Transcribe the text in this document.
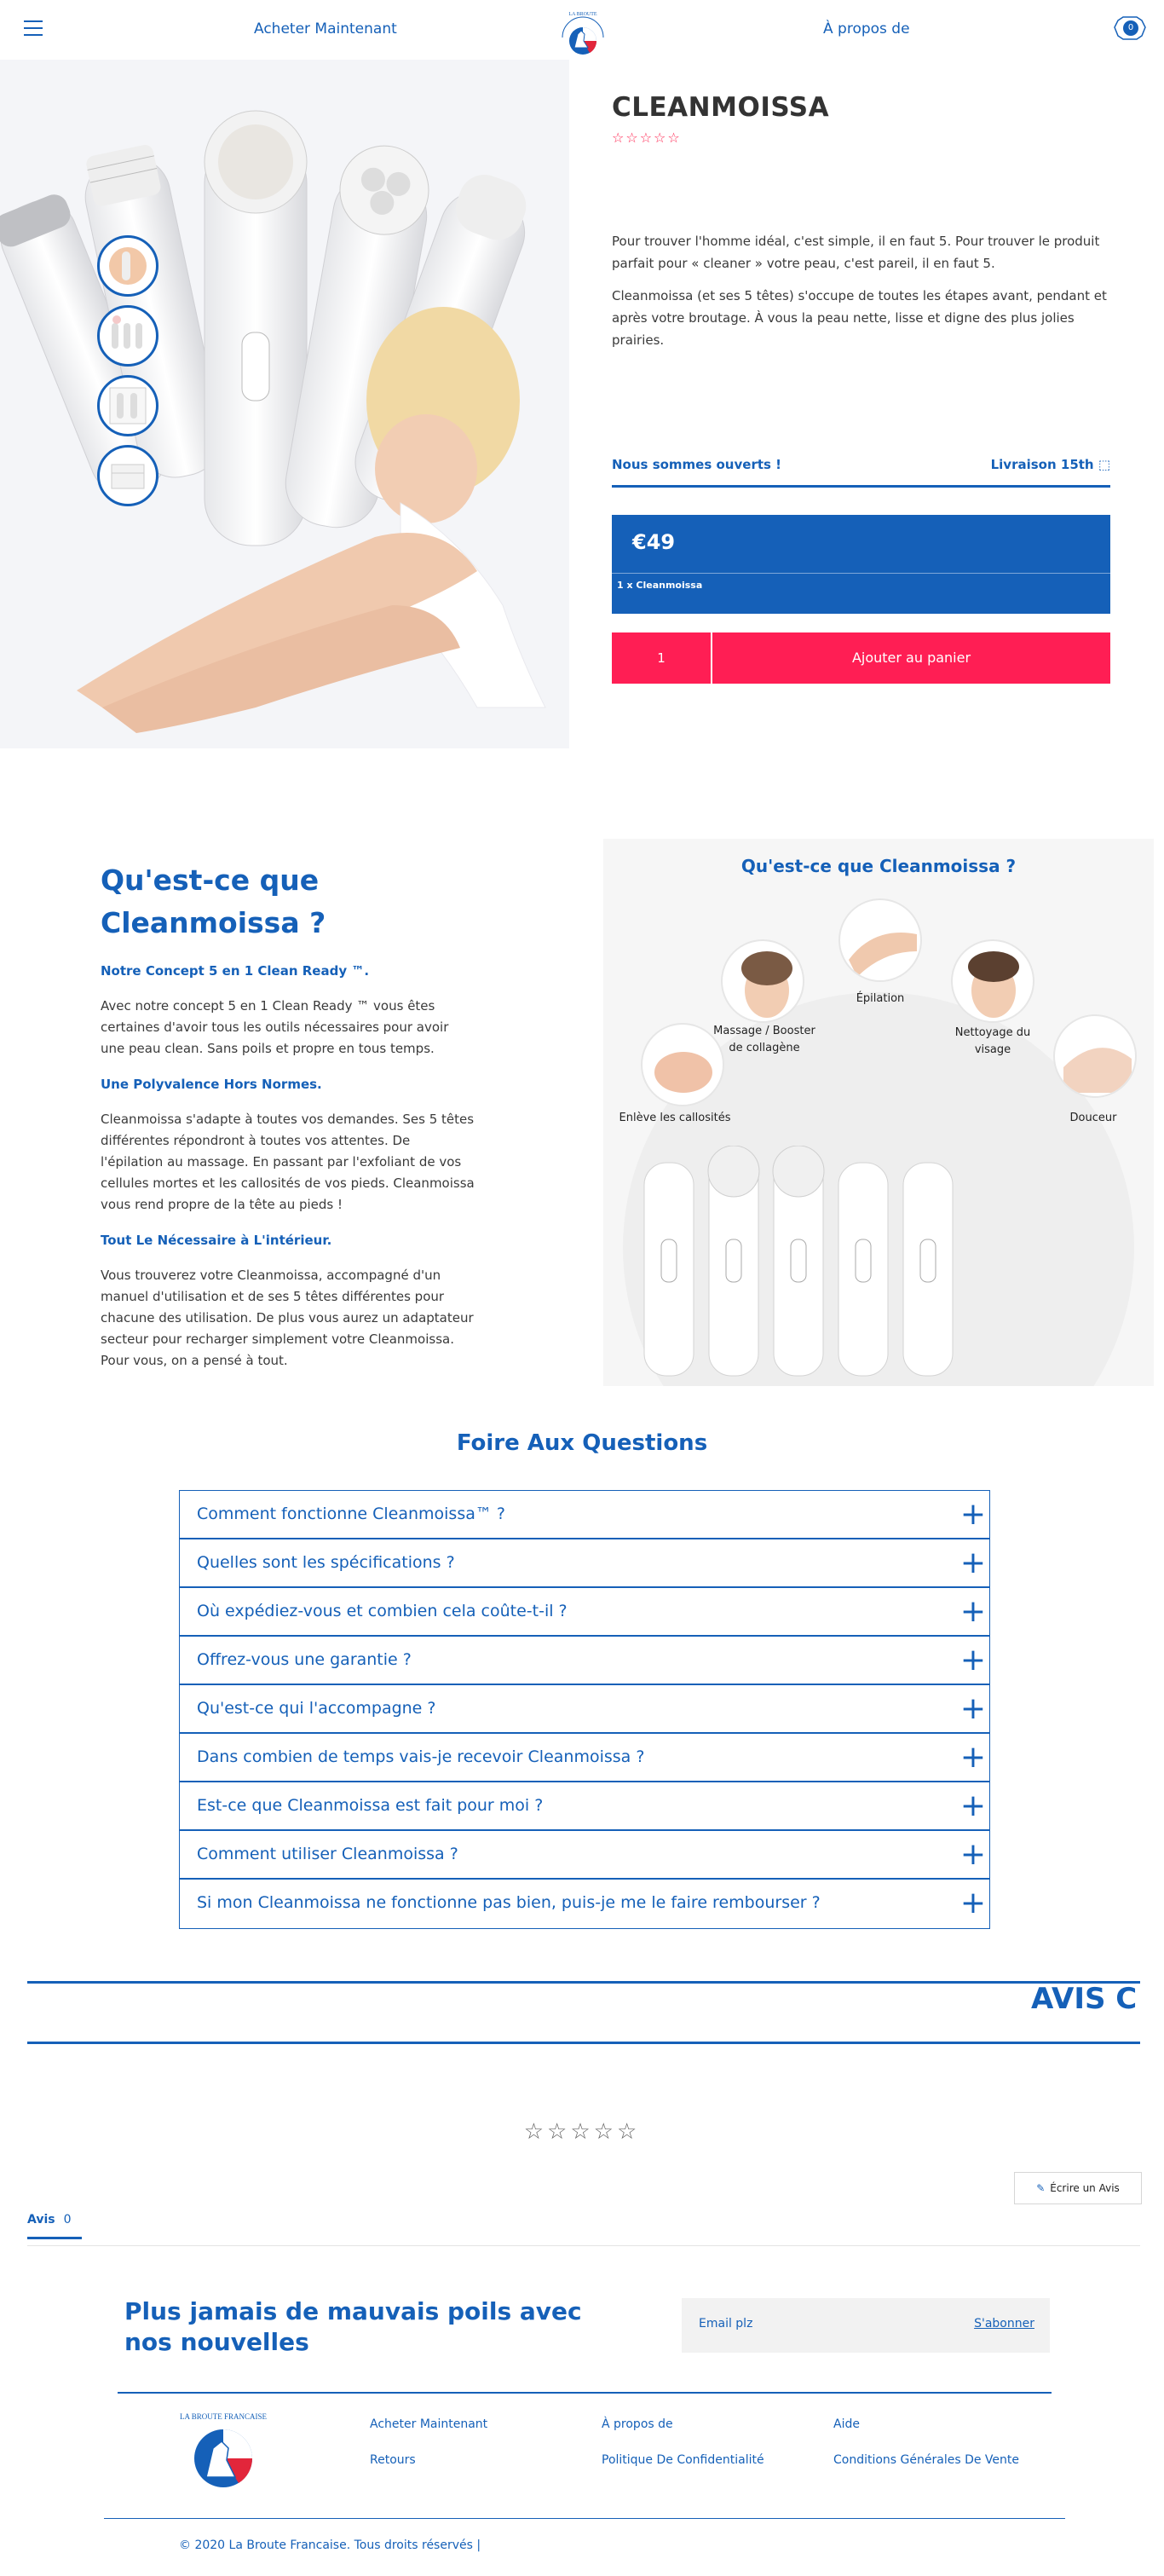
Acheter Maintenant
LA BROUTE
À propos de	0
CLEANMOISSA
☆☆☆☆☆

Pour trouver l'homme idéal, c'est simple, il en faut 5. Pour trouver le produit parfait pour « cleaner » votre peau, c'est pareil, il en faut 5.

Cleanmoissa (et ses 5 têtes) s'occupe de toutes les étapes avant, pendant et après votre broutage. À vous la peau nette, lisse et digne des plus jolies prairies.

Nous sommes ouverts !	Livraison 15th ⬚
€49
1 x Cleanmoissa
1	Ajouter au panier
Qu'est-ce que Cleanmoissa ?
Notre Concept 5 en 1 Clean Ready ™.

Avec notre concept 5 en 1 Clean Ready ™ vous êtes certaines d'avoir tous les outils nécessaires pour avoir une peau clean. Sans poils et propre en tous temps.

Une Polyvalence Hors Normes.

Cleanmoissa s'adapte à toutes vos demandes. Ses 5 têtes différentes répondront à toutes vos attentes. De l'épilation au massage. En passant par l'exfoliant de vos cellules mortes et les callosités de vos pieds. Cleanmoissa vous rend propre de la tête au pieds !

Tout Le Nécessaire à L'intérieur.

Vous trouverez votre Cleanmoissa, accompagné d'un manuel d'utilisation et de ses 5 têtes différentes pour chacune des utilisation. De plus vous aurez un adaptateur secteur pour recharger simplement votre Cleanmoissa. Pour vous, on a pensé à tout.

Qu'est-ce que Cleanmoissa ?
Épilation
Massage / Booster de collagène
Nettoyage du visage
Enlève les callosités	Douceur
Foire Aux Questions
Comment fonctionne Cleanmoissa™ ?	+
Quelles sont les spécifications ?	+
Où expédiez-vous et combien cela coûte-t-il ?	+
Offrez-vous une garantie ?	+
Qu'est-ce qui l'accompagne ?	+
Dans combien de temps vais-je recevoir Cleanmoissa ?	+
Est-ce que Cleanmoissa est fait pour moi ?	+
Comment utiliser Cleanmoissa ?	+
Si mon Cleanmoissa ne fonctionne pas bien, puis-je me le faire rembourser ?	+
AVIS C
☆☆☆☆☆
✎ Écrire un Avis
Avis 0
Plus jamais de mauvais poils avec nos nouvelles
Email plz	S'abonner
LA BROUTE FRANCAISE
Acheter Maintenant	À propos de	Aide
Retours	Politique De Confidentialité	Conditions Générales De Vente
© 2020 La Broute Francaise. Tous droits réservés |
